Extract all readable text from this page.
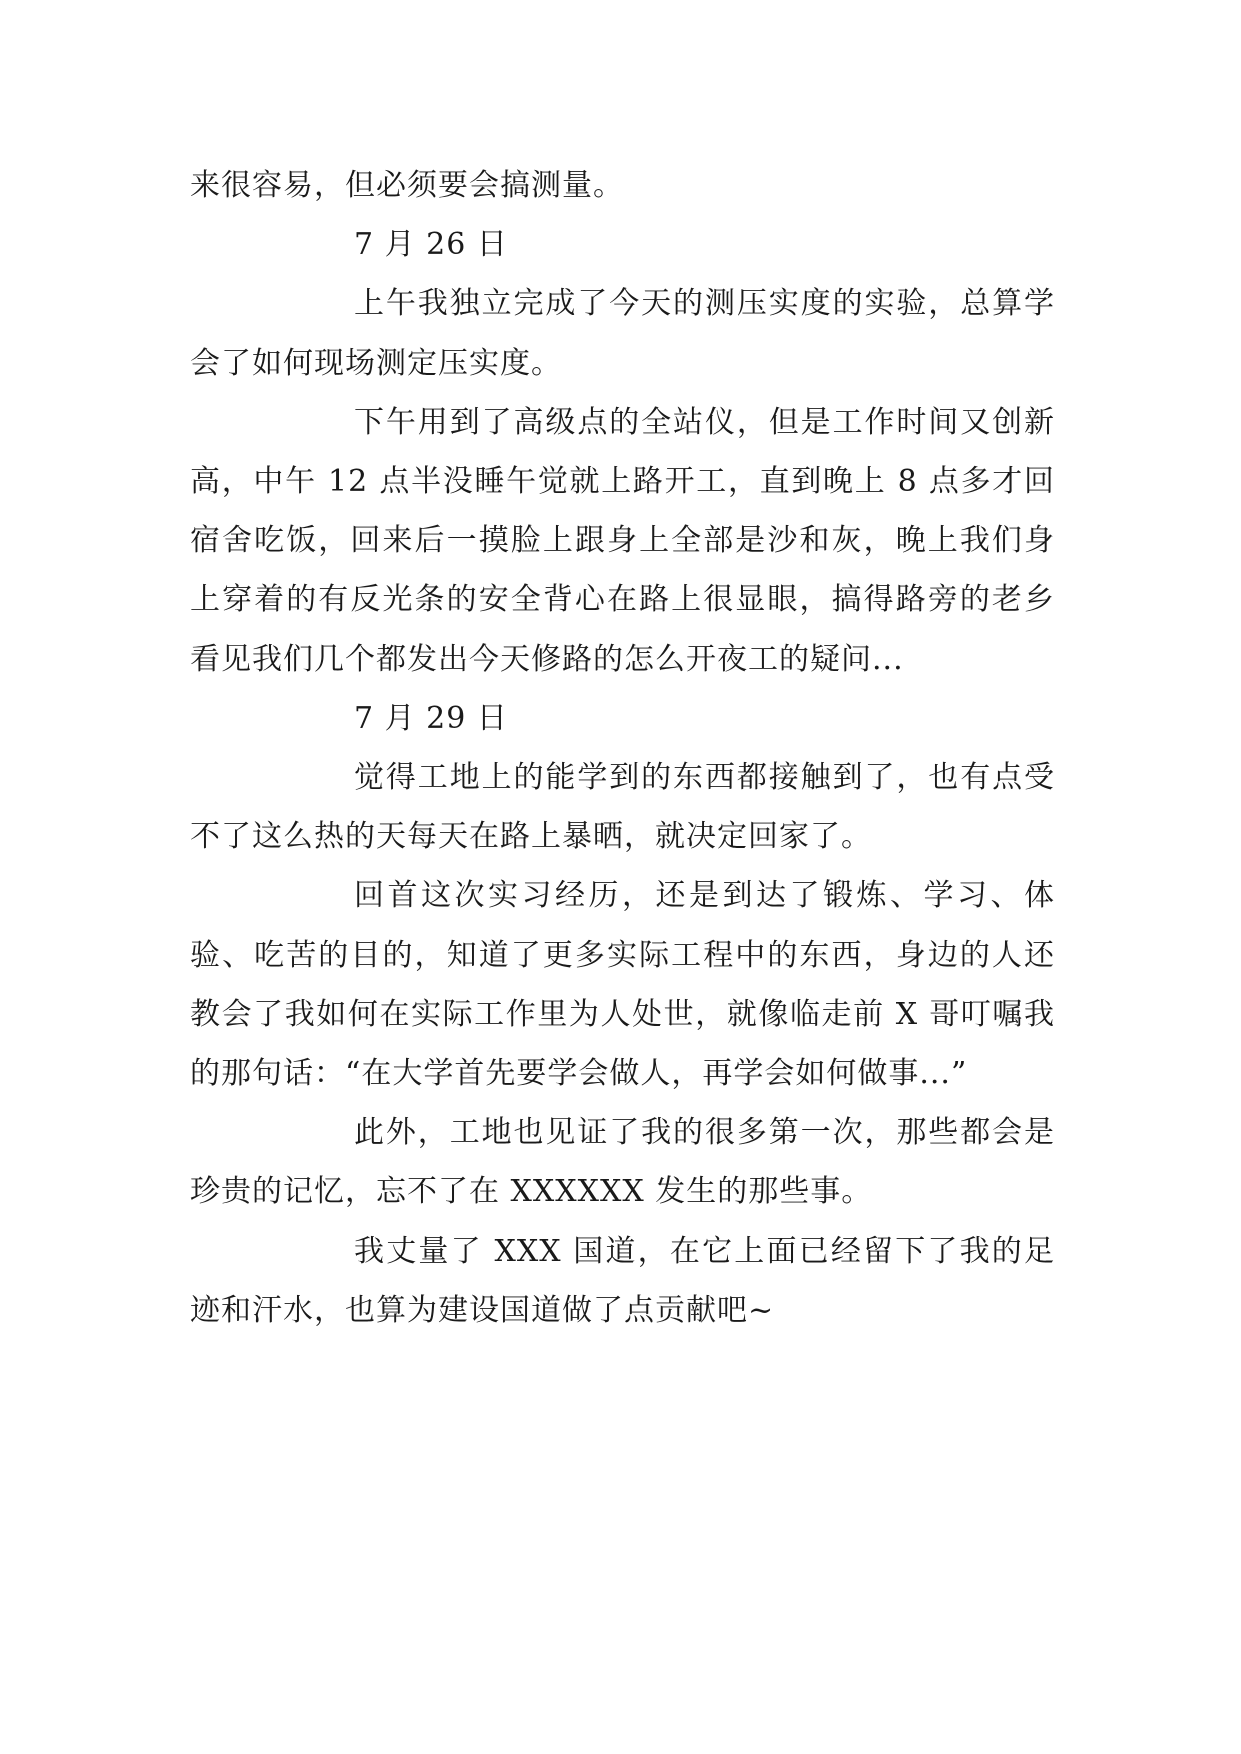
来很容易，但必须要会搞测量。

7 月 26 日

上午我独立完成了今天的测压实度的实验，总算学会了如何现场测定压实度。

下午用到了高级点的全站仪，但是工作时间又创新高，中午 12 点半没睡午觉就上路开工，直到晚上 8 点多才回宿舍吃饭，回来后一摸脸上跟身上全部是沙和灰，晚上我们身上穿着的有反光条的安全背心在路上很显眼，搞得路旁的老乡看见我们几个都发出今天修路的怎么开夜工的疑问...

7 月 29 日

觉得工地上的能学到的东西都接触到了，也有点受不了这么热的天每天在路上暴晒，就决定回家了。

回首这次实习经历，还是到达了锻炼、学习、体验、吃苦的目的，知道了更多实际工程中的东西，身边的人还教会了我如何在实际工作里为人处世，就像临走前 X 哥叮嘱我的那句话：“在大学首先要学会做人，再学会如何做事...”

此外，工地也见证了我的很多第一次，那些都会是珍贵的记忆，忘不了在 XXXXXX 发生的那些事。

我丈量了 XXX 国道，在它上面已经留下了我的足迹和汗水，也算为建设国道做了点贡献吧~
